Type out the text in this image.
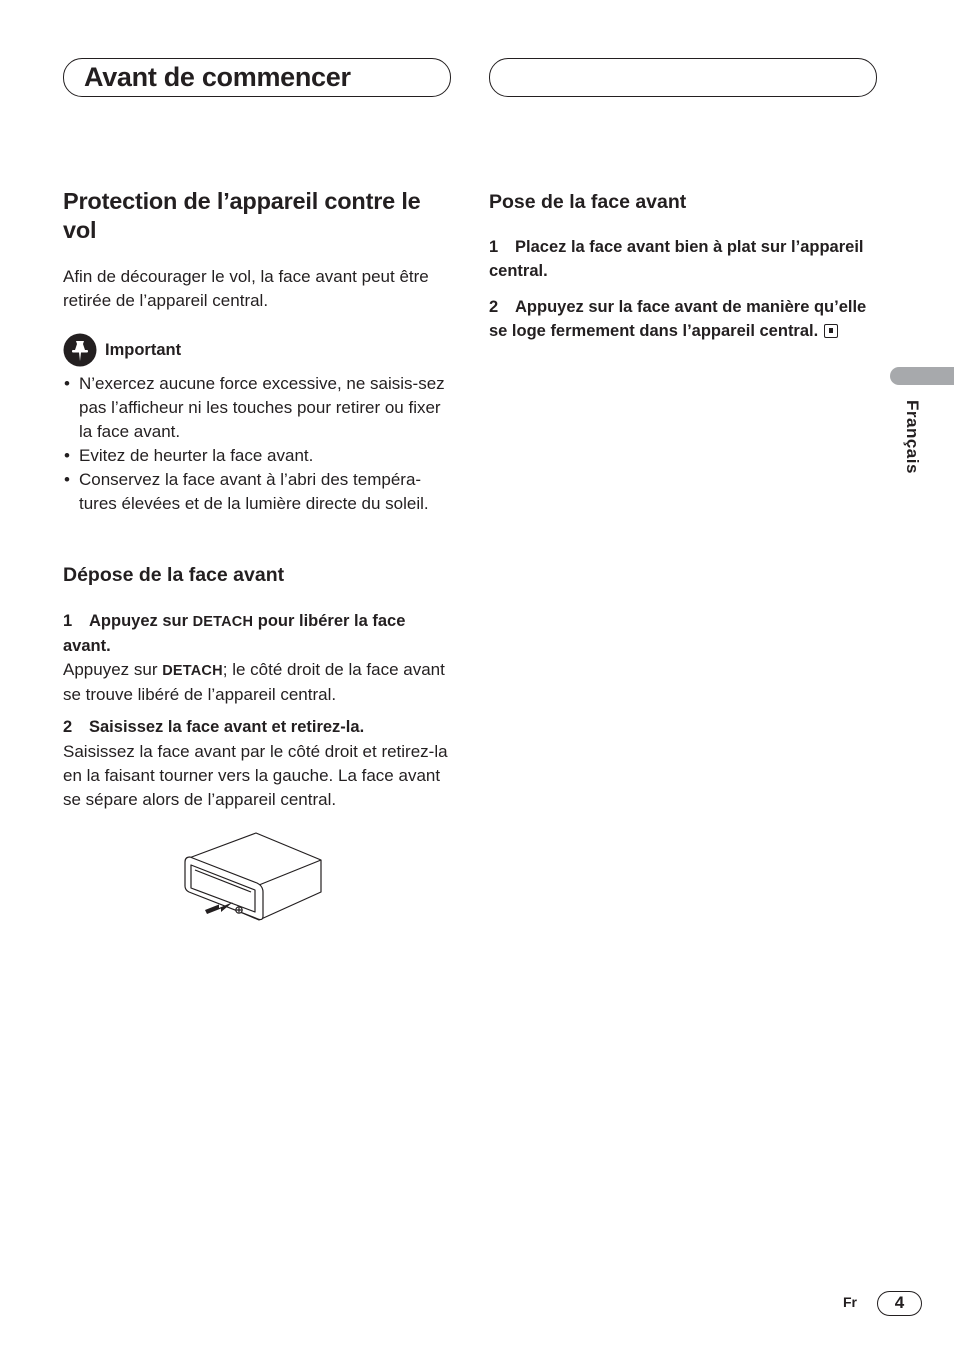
Avant de commencer
Protection de l’appareil contre le vol

Afin de décourager le vol, la face avant peut être retirée de l’appareil central.

Important
• N’exercez aucune force excessive, ne saisis-sez pas l’afficheur ni les touches pour retirer ou fixer la face avant.
• Evitez de heurter la face avant.
• Conservez la face avant à l’abri des tempéra-tures élevées et de la lumière directe du soleil.
Dépose de la face avant

1 Appuyez sur DETACH pour libérer la face avant.

Appuyez sur DETACH; le côté droit de la face avant se trouve libéré de l’appareil central.

2 Saisissez la face avant et retirez-la.

Saisissez la face avant par le côté droit et retirez-la en la faisant tourner vers la gauche. La face avant se sépare alors de l’appareil central.

Pose de la face avant

1 Placez la face avant bien à plat sur l’appareil central.

2 Appuyez sur la face avant de manière qu’elle se loge fermement dans l’appareil central.

Français
Fr	4
